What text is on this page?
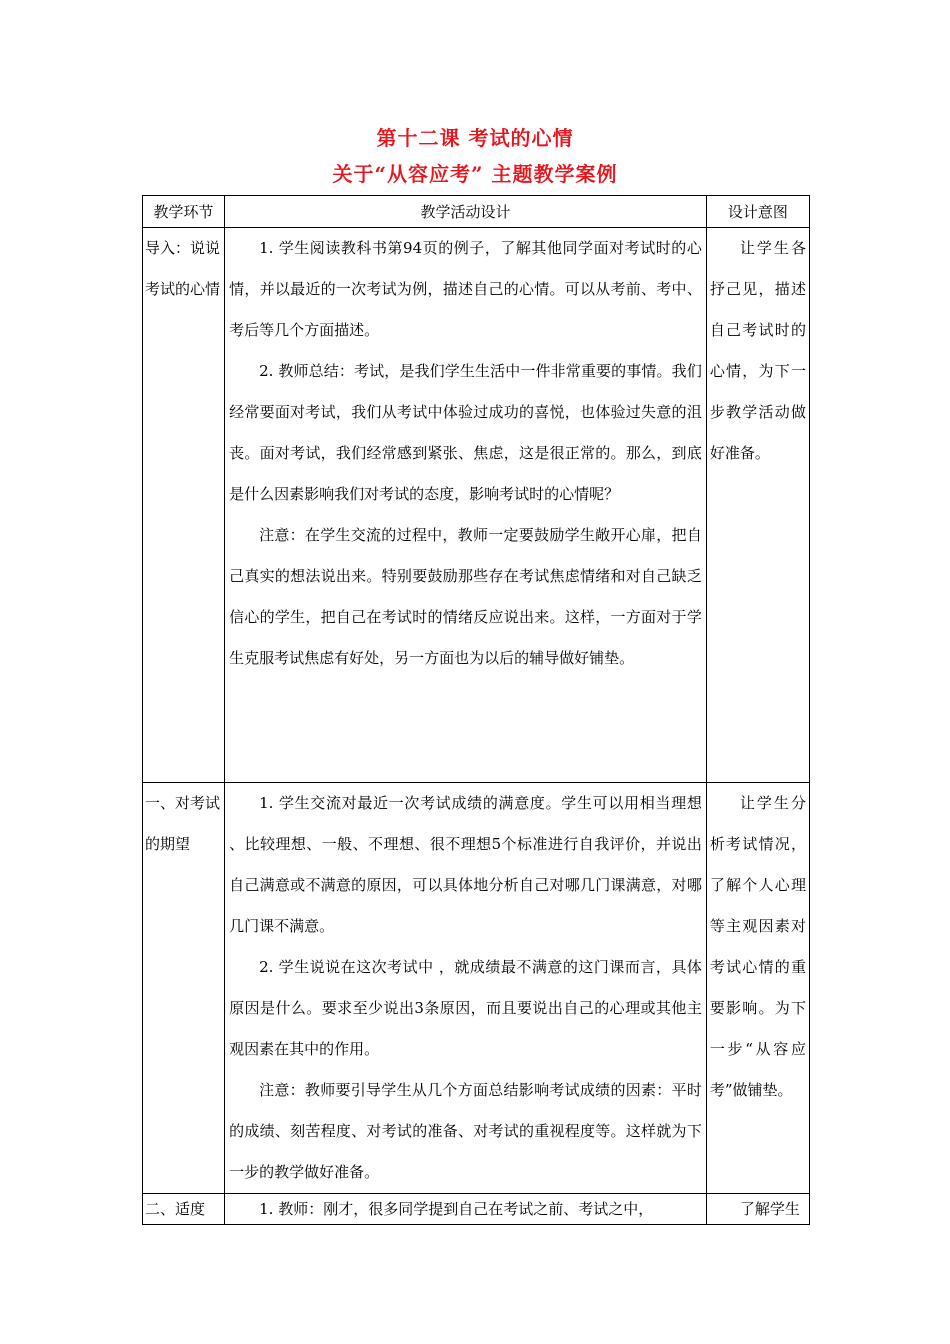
第十二课 考试的心情
关于“从容应考” 主题教学案例
教学环节	教学活动设计	设计意图

导入：说说考试的心情	1. 学生阅读教科书第94页的例子，了解其他同学面对考试时的心情，并以最近的一次考试为例，描述自己的心情。可以从考前、考中、考后等几个方面描述。

2. 教师总结：考试，是我们学生生活中一件非常重要的事情。我们经常要面对考试，我们从考试中体验过成功的喜悦，也体验过失意的沮丧。面对考试，我们经常感到紧张、焦虑，这是很正常的。那么，到底是什么因素影响我们对考试的态度，影响考试时的心情呢？

注意：在学生交流的过程中，教师一定要鼓励学生敞开心扉，把自己真实的想法说出来。特别要鼓励那些存在考试焦虑情绪和对自己缺乏信心的学生，把自己在考试时的情绪反应说出来。这样，一方面对于学生克服考试焦虑有好处，另一方面也为以后的辅导做好铺垫。	让学生各抒己见，描述自己考试时的心情，为下一步教学活动做好准备。

一、对考试的期望	1. 学生交流对最近一次考试成绩的满意度。学生可以用相当理想 、比较理想、一般、不理想、很不理想5个标准进行自我评价，并说出自己满意或不满意的原因，可以具体地分析自己对哪几门课满意，对哪几门课不满意。

2. 学生说说在这次考试中 ，就成绩最不满意的这门课而言，具体原因是什么。要求至少说出3条原因，而且要说出自己的心理或其他主观因素在其中的作用。

注意：教师要引导学生从几个方面总结影响考试成绩的因素：平时的成绩、刻苦程度、对考试的准备、对考试的重视程度等。这样就为下一步的教学做好准备。	让学生分析考试情况，了解个人心理等主观因素对考试心情的重要影响。为下一步“从容应考”做铺垫。

二、适度	1. 教师：刚才，很多同学提到自己在考试之前、考试之中，	了解学生
